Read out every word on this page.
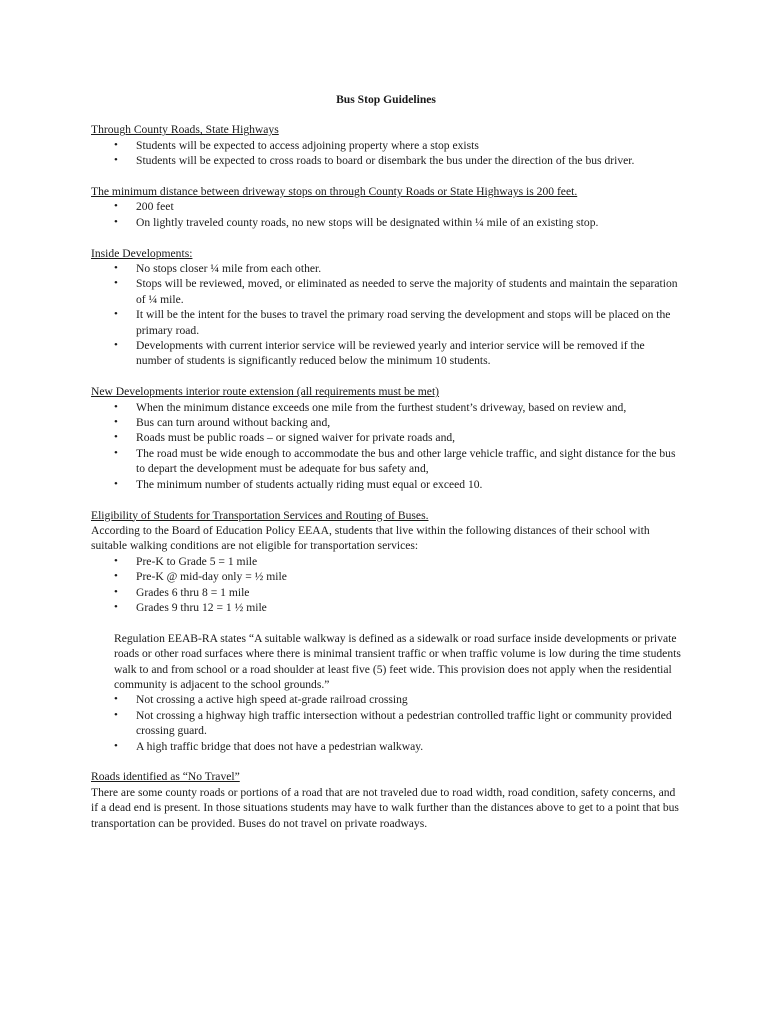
Bus Stop Guidelines
Through County Roads, State Highways
• Students will be expected to access adjoining property where a stop exists
• Students will be expected to cross roads to board or disembark the bus under the direction of the bus driver.
The minimum distance between driveway stops on through County Roads or State Highways is 200 feet.
• 200 feet
• On lightly traveled county roads, no new stops will be designated within ¼ mile of an existing stop.
Inside Developments:
• No stops closer ¼ mile from each other.
• Stops will be reviewed, moved, or eliminated as needed to serve the majority of students and maintain the separation of ¼ mile.
• It will be the intent for the buses to travel the primary road serving the development and stops will be placed on the primary road.
• Developments with current interior service will be reviewed yearly and interior service will be removed if the number of students is significantly reduced below the minimum 10 students.
New Developments interior route extension (all requirements must be met)
• When the minimum distance exceeds one mile from the furthest student’s driveway, based on review and,
• Bus can turn around without backing and,
• Roads must be public roads – or signed waiver for private roads and,
• The road must be wide enough to accommodate the bus and other large vehicle traffic, and sight distance for the bus to depart the development must be adequate for bus safety and,
• The minimum number of students actually riding must equal or exceed 10.
Eligibility of Students for Transportation Services and Routing of Buses.
According to the Board of Education Policy EEAA, students that live within the following distances of their school with suitable walking conditions are not eligible for transportation services:
• Pre-K to Grade 5 = 1 mile
• Pre-K @ mid-day only = ½ mile
• Grades 6 thru 8 = 1 mile
• Grades 9 thru 12 = 1 ½ mile
Regulation EEAB-RA states “A suitable walkway is defined as a sidewalk or road surface inside developments or private roads or other road surfaces where there is minimal transient traffic or when traffic volume is low during the time students walk to and from school or a road shoulder at least five (5) feet wide. This provision does not apply when the residential community is adjacent to the school grounds.”
• Not crossing a active high speed at-grade railroad crossing
• Not crossing a highway high traffic intersection without a pedestrian controlled traffic light or community provided crossing guard.
• A high traffic bridge that does not have a pedestrian walkway.
Roads identified as “No Travel”
There are some county roads or portions of a road that are not traveled due to road width, road condition, safety concerns, and if a dead end is present. In those situations students may have to walk further than the distances above to get to a point that bus transportation can be provided. Buses do not travel on private roadways.
